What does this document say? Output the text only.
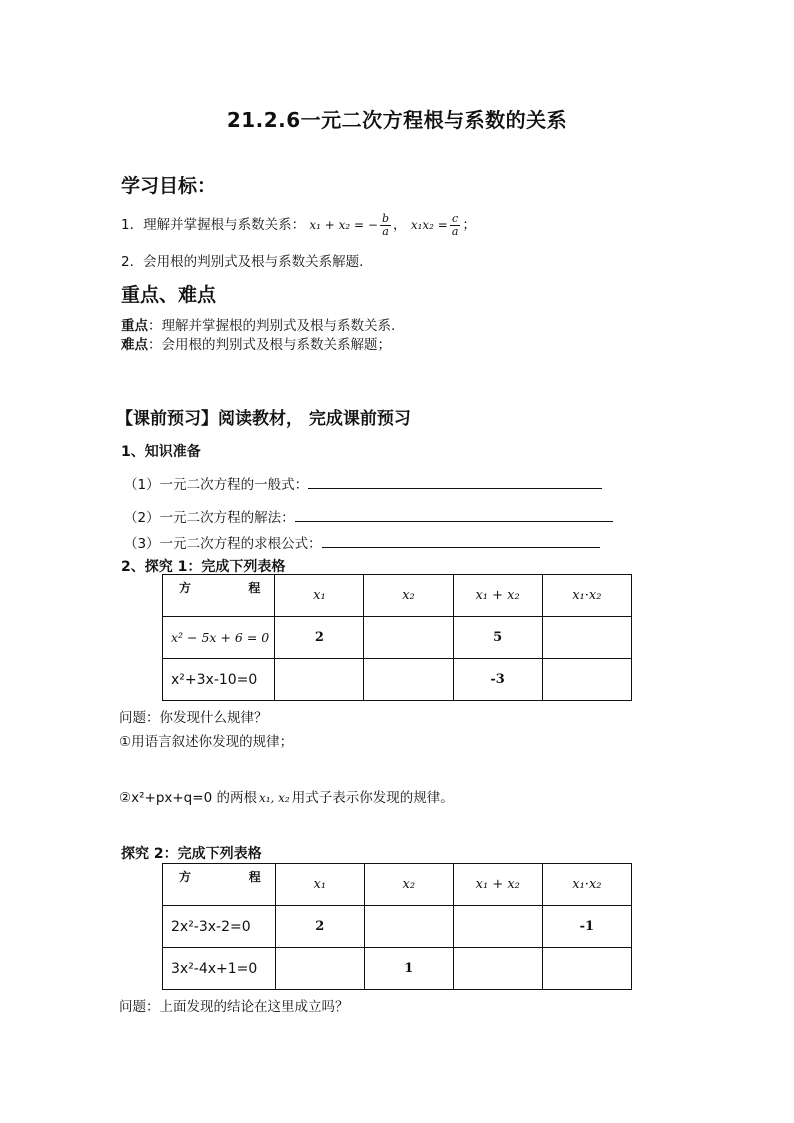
21.2.6一元二次方程根与系数的关系
学习目标：
1．理解并掌握根与系数关系： x₁ + x₂ = − $\frac{b}{a}$ ， $x_1x_2 = \frac{c}{a}$ ；
2．会用根的判别式及根与系数关系解题.
重点、难点
重点：理解并掌握根的判别式及根与系数关系.
难点：会用根的判别式及根与系数关系解题；
【课前预习】阅读教材， 完成课前预习
1、知识准备
（1）一元二次方程的一般式：
（2）一元二次方程的解法：
（3）一元二次方程的求根公式：
2、探究 1：完成下列表格
方 程	x₁	x₂	x₁ + x₂	x₁·x₂
x² − 5x + 6 = 0	2		5	
x²+3x-10=0			-3	
问题：你发现什么规律？
①用语言叙述你发现的规律；
②x²+px+q=0 的两根 x₁, x₂ 用式子表示你发现的规律。
探究 2：完成下列表格
方 程	x₁	x₂	x₁ + x₂	x₁·x₂
2x²-3x-2=0	2			-1
3x²-4x+1=0		1		
问题：上面发现的结论在这里成立吗？
